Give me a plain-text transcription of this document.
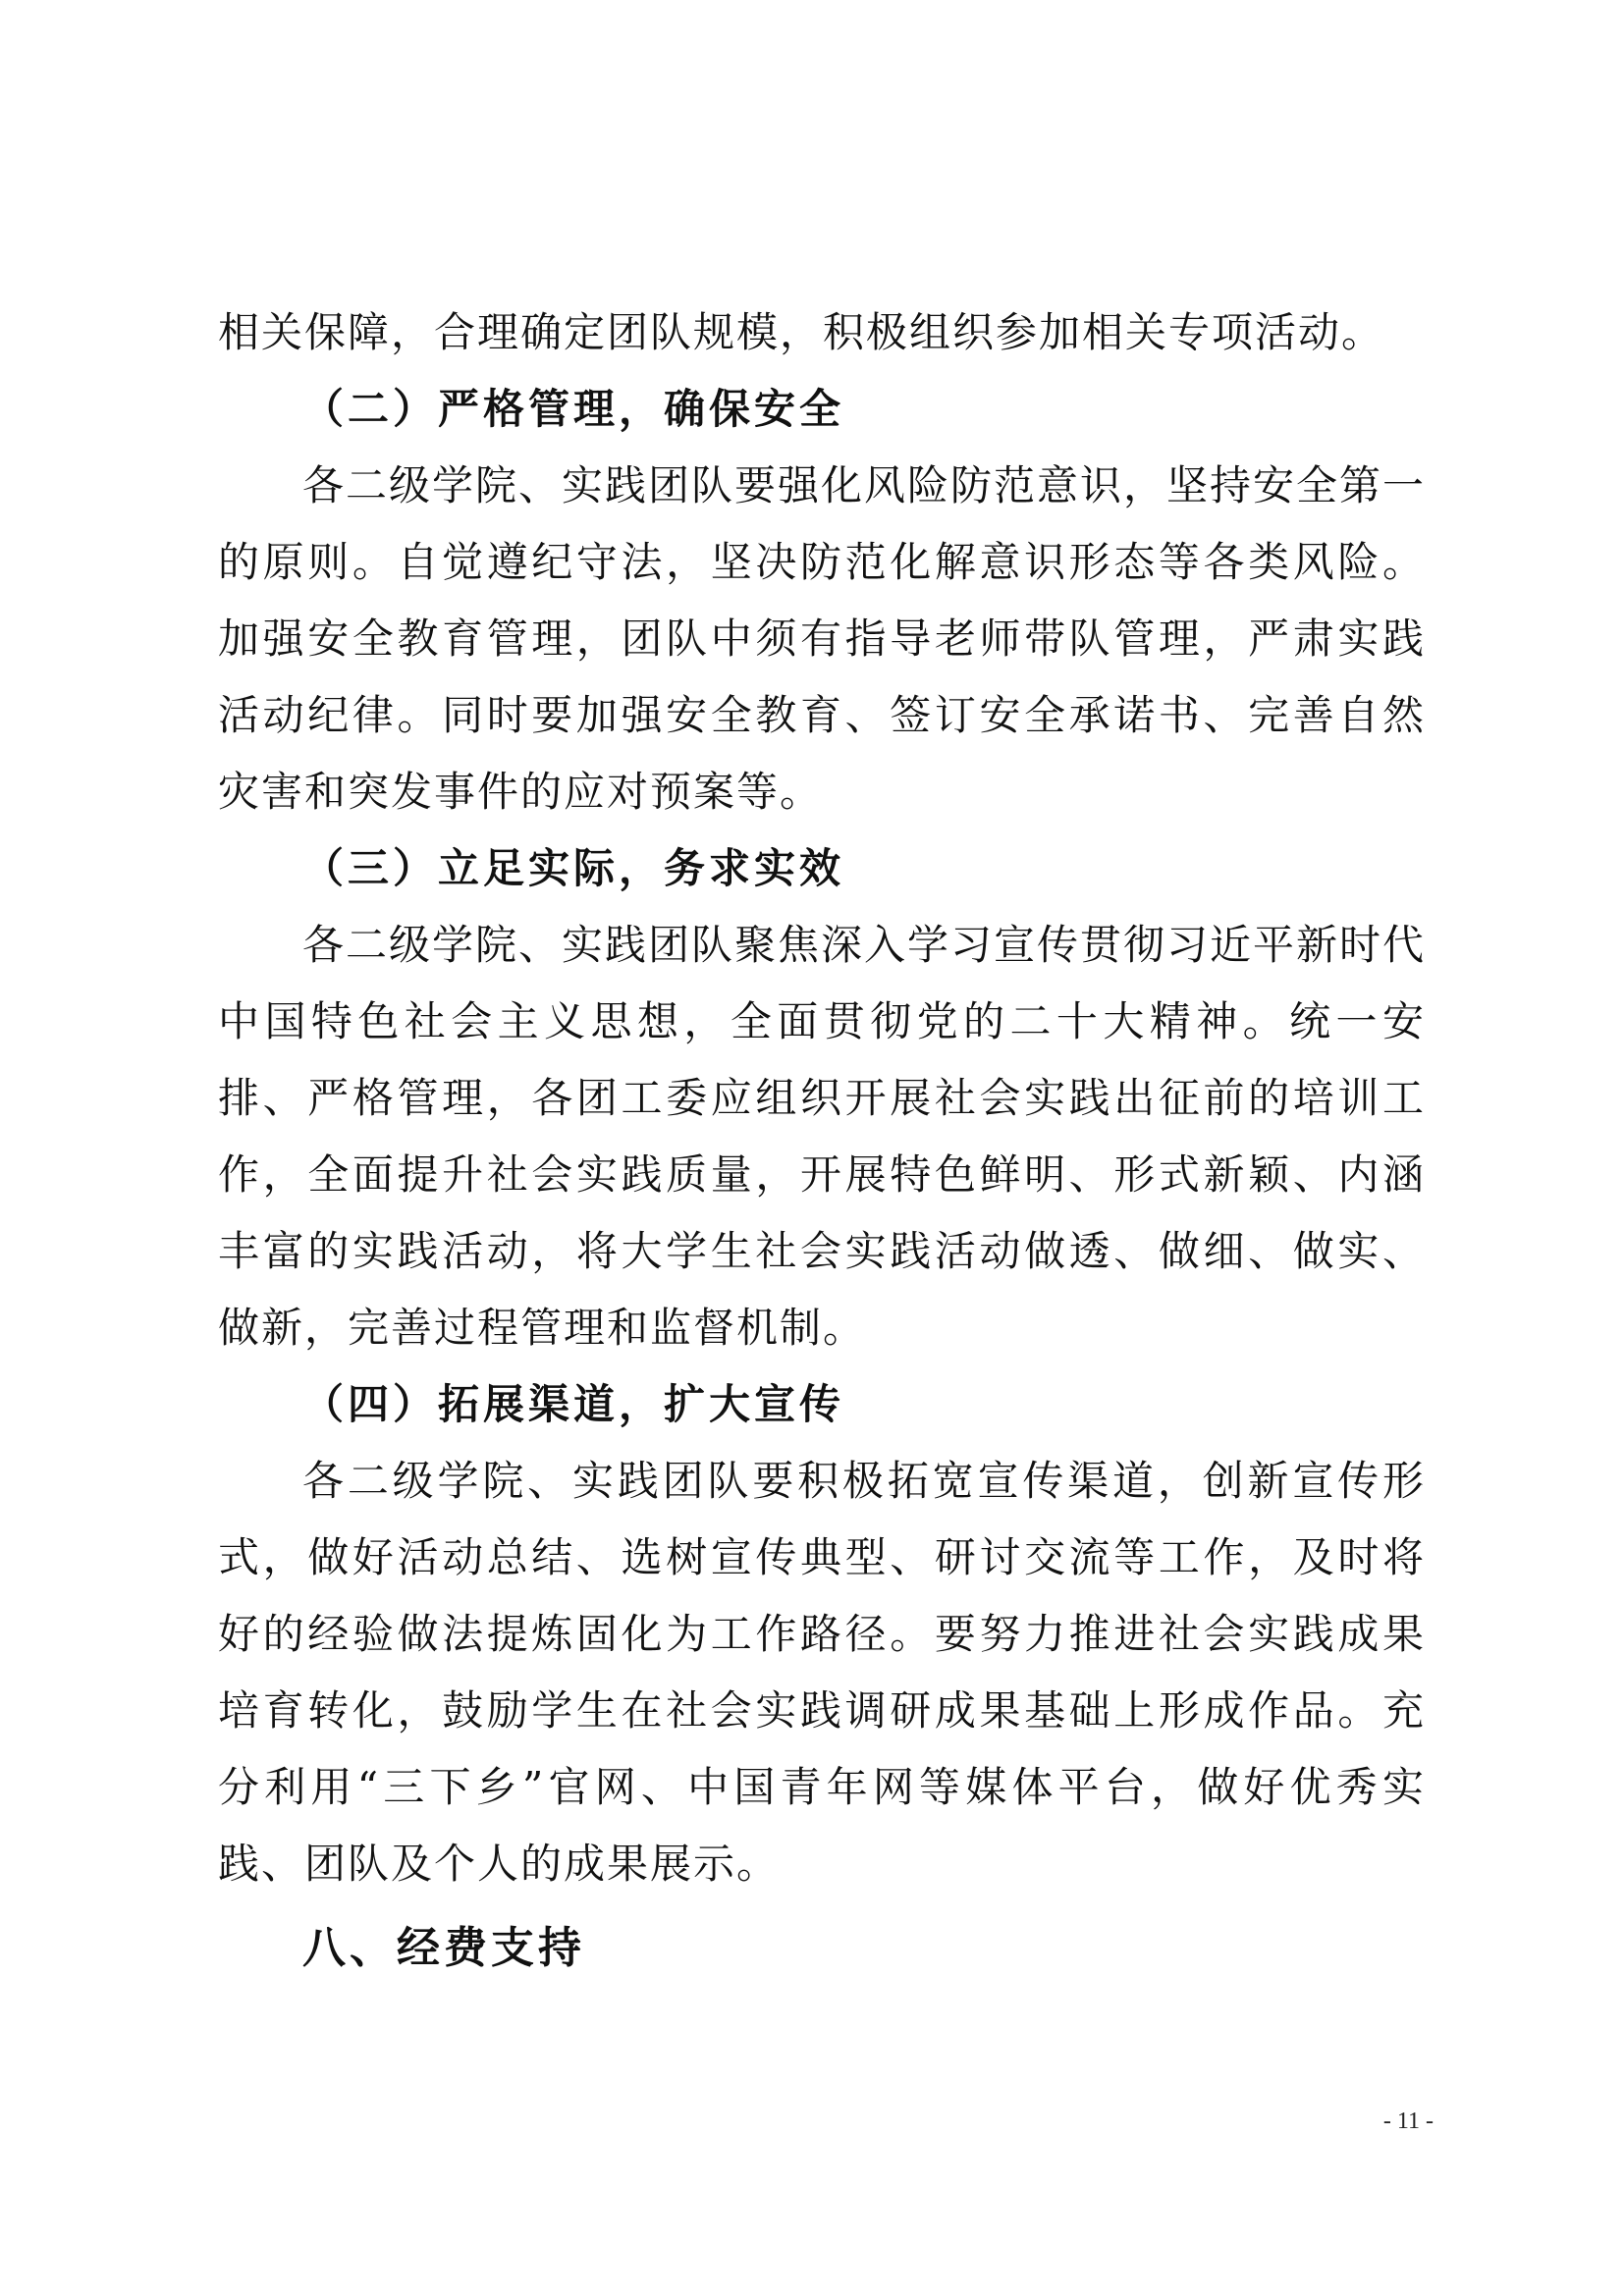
相关保障，合理确定团队规模，积极组织参加相关专项活动。

（二）严格管理，确保安全

各二级学院、实践团队要强化风险防范意识，坚持安全第一的原则。自觉遵纪守法，坚决防范化解意识形态等各类风险。加强安全教育管理，团队中须有指导老师带队管理，严肃实践活动纪律。同时要加强安全教育、签订安全承诺书、完善自然灾害和突发事件的应对预案等。

（三）立足实际，务求实效

各二级学院、实践团队聚焦深入学习宣传贯彻习近平新时代中国特色社会主义思想，全面贯彻党的二十大精神。统一安排、严格管理，各团工委应组织开展社会实践出征前的培训工作，全面提升社会实践质量，开展特色鲜明、形式新颖、内涵丰富的实践活动，将大学生社会实践活动做透、做细、做实、做新，完善过程管理和监督机制。

（四）拓展渠道，扩大宣传

各二级学院、实践团队要积极拓宽宣传渠道，创新宣传形式，做好活动总结、选树宣传典型、研讨交流等工作，及时将好的经验做法提炼固化为工作路径。要努力推进社会实践成果培育转化，鼓励学生在社会实践调研成果基础上形成作品。充分利用“三下乡”官网、中国青年网等媒体平台，做好优秀实践、团队及个人的成果展示。

八、经费支持
- 11 -
